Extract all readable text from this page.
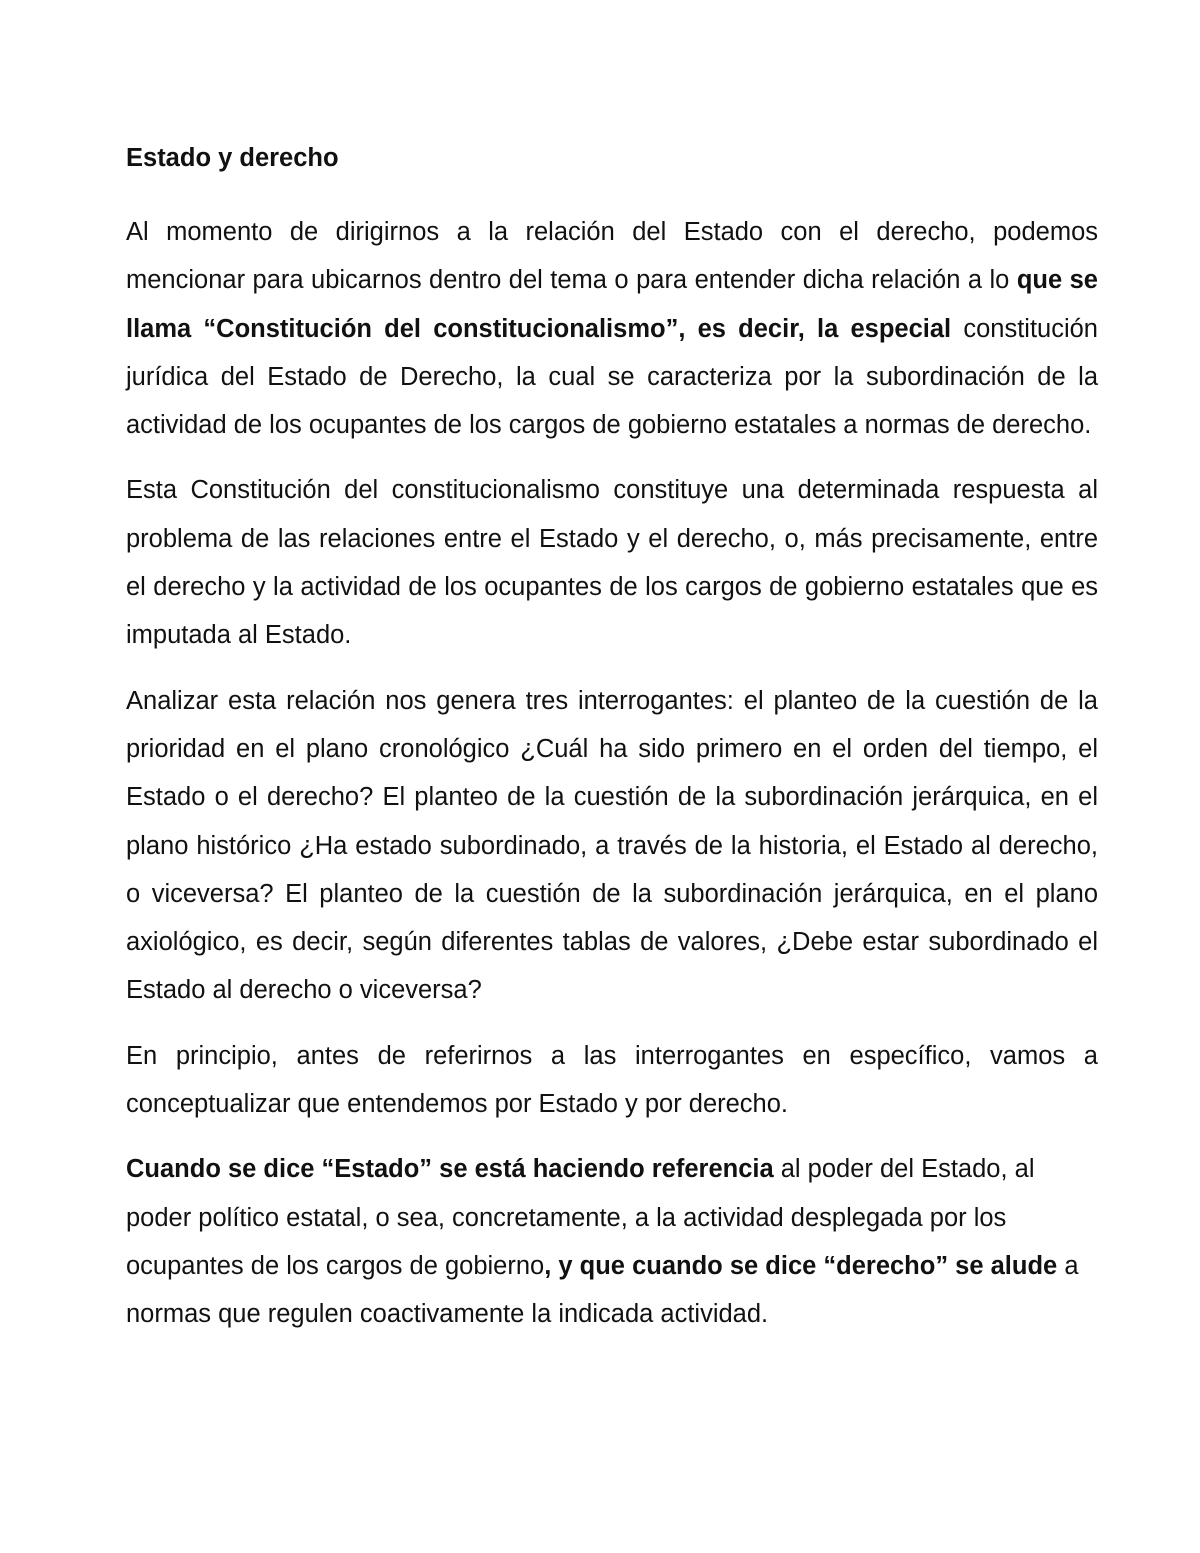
Estado y derecho

Al momento de dirigirnos a la relación del Estado con el derecho, podemos mencionar para ubicarnos dentro del tema o para entender dicha relación a lo que se llama “Constitución del constitucionalismo”, es decir, la especial constitución jurídica del Estado de Derecho, la cual se caracteriza por la subordinación de la actividad de los ocupantes de los cargos de gobierno estatales a normas de derecho.

Esta Constitución del constitucionalismo constituye una determinada respuesta al problema de las relaciones entre el Estado y el derecho, o, más precisamente, entre el derecho y la actividad de los ocupantes de los cargos de gobierno estatales que es imputada al Estado.

Analizar esta relación nos genera tres interrogantes: el planteo de la cuestión de la prioridad en el plano cronológico ¿Cuál ha sido primero en el orden del tiempo, el Estado o el derecho? El planteo de la cuestión de la subordinación jerárquica, en el plano histórico ¿Ha estado subordinado, a través de la historia, el Estado al derecho, o viceversa? El planteo de la cuestión de la subordinación jerárquica, en el plano axiológico, es decir, según diferentes tablas de valores, ¿Debe estar subordinado el Estado al derecho o viceversa?

En principio, antes de referirnos a las interrogantes en específico, vamos a conceptualizar que entendemos por Estado y por derecho.

Cuando se dice “Estado” se está haciendo referencia al poder del Estado, al poder político estatal, o sea, concretamente, a la actividad desplegada por los ocupantes de los cargos de gobierno, y que cuando se dice “derecho” se alude a normas que regulen coactivamente la indicada actividad.
